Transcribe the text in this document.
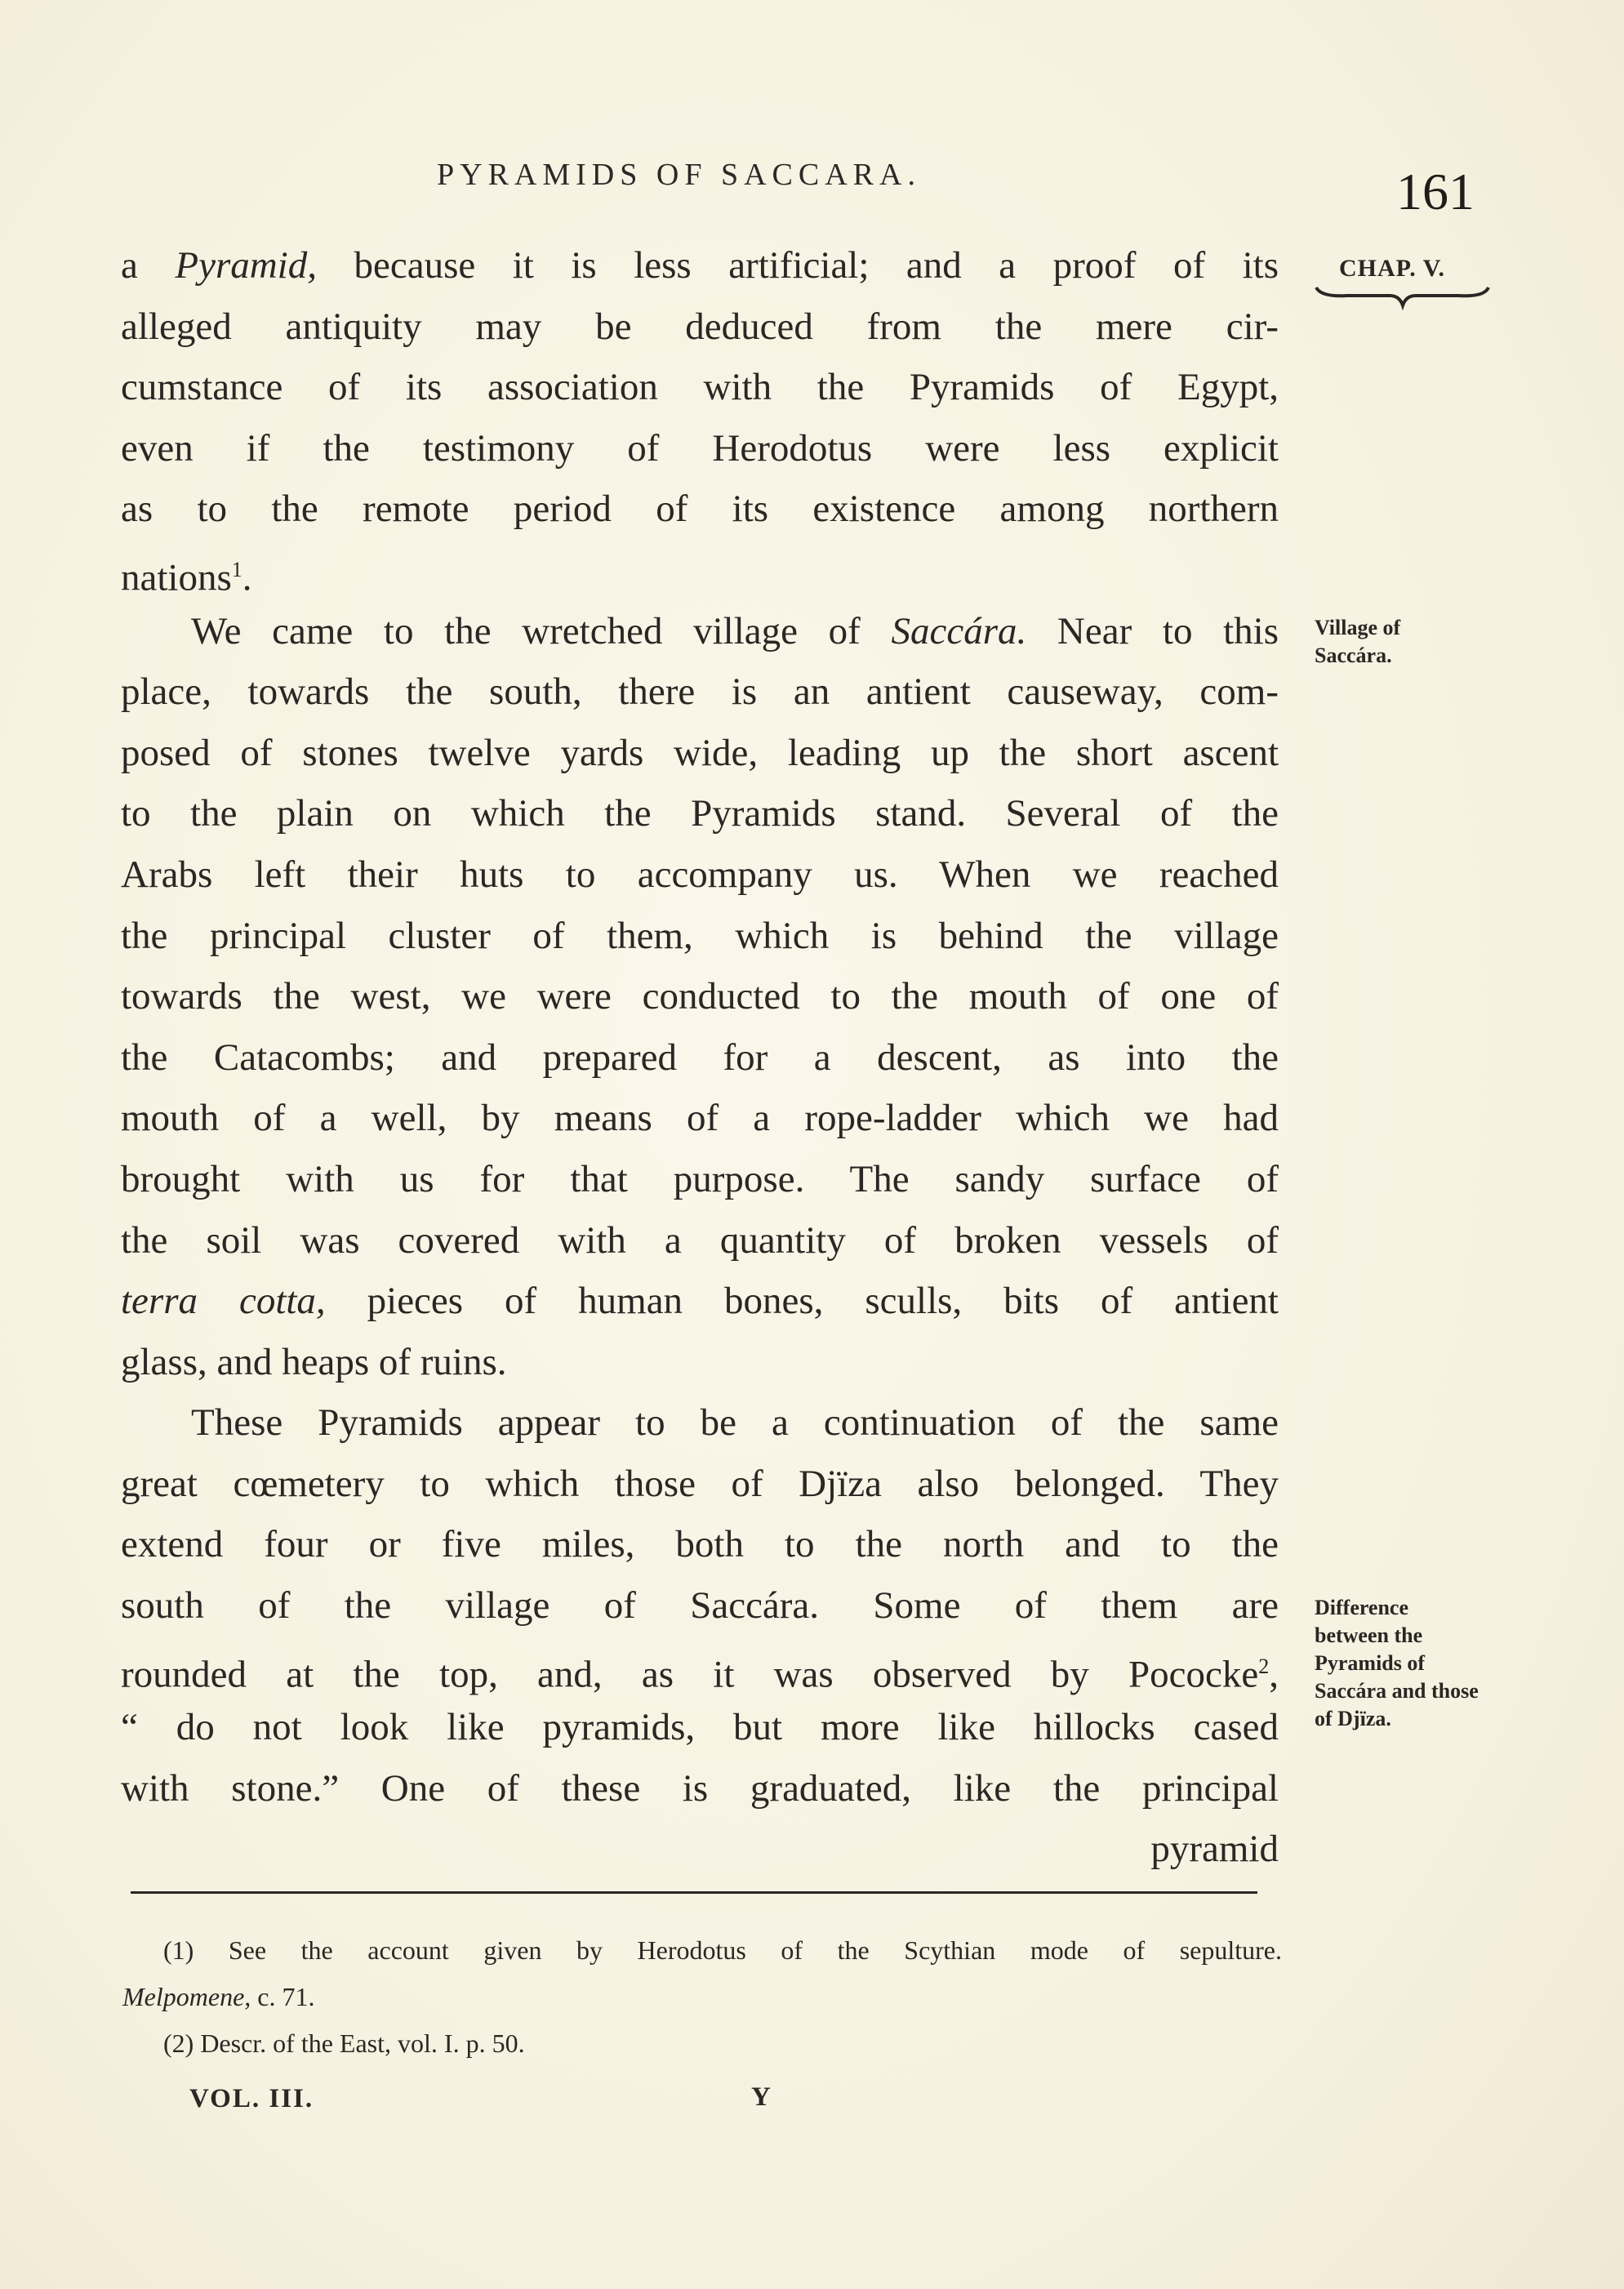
PYRAMIDS OF SACCARA.	161
CHAP. V.
a Pyramid, because it is less artificial; and a proof of its
alleged antiquity may be deduced from the mere cir-
cumstance of its association with the Pyramids of Egypt,
even if the testimony of Herodotus were less explicit
as to the remote period of its existence among northern
nations$^1$.
We came to the wretched village of Saccára. Near to this
place, towards the south, there is an antient causeway, com-
posed of stones twelve yards wide, leading up the short ascent
to the plain on which the Pyramids stand. Several of the
Arabs left their huts to accompany us. When we reached
the principal cluster of them, which is behind the village
towards the west, we were conducted to the mouth of one of
the Catacombs; and prepared for a descent, as into the
mouth of a well, by means of a rope-ladder which we had
brought with us for that purpose. The sandy surface of
the soil was covered with a quantity of broken vessels of
terra cotta, pieces of human bones, sculls, bits of antient
glass, and heaps of ruins.
These Pyramids appear to be a continuation of the same
great cœmetery to which those of Djïza also belonged. They
extend four or five miles, both to the north and to the
south of the village of Saccára. Some of them are
rounded at the top, and, as it was observed by Pococke$^2$,
“ do not look like pyramids, but more like hillocks cased
with stone.” One of these is graduated, like the principal
pyramid
Village of Saccára.
Difference between the Pyramids of Saccára and those of Djïza.
(1) See the account given by Herodotus of the Scythian mode of sepulture.
Melpomene, c. 71.
(2) Descr. of the East, vol. I. p. 50.
VOL. III.	Y
